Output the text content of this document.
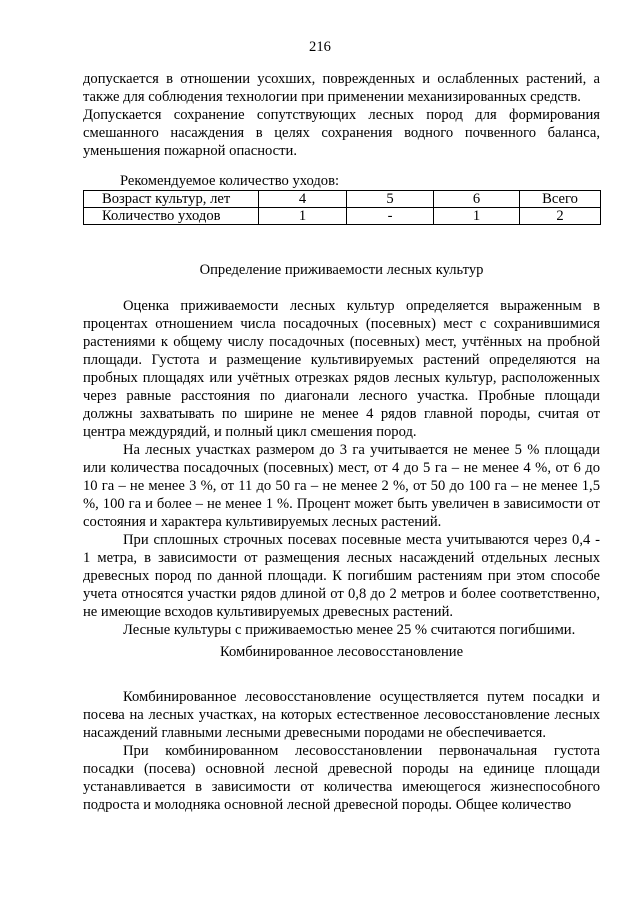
216

допускается в отношении усохших, поврежденных и ослабленных растений, а также для соблюдения технологии при применении механизированных средств.

Допускается сохранение сопутствующих лесных пород для формирования смешанного насаждения в целях сохранения водного почвенного баланса, уменьшения пожарной опасности.

Рекомендуемое количество уходов:
Возраст культур, лет	4	5	6	Всего
Количество уходов	1	-	1	2
Определение приживаемости лесных культур

Оценка приживаемости лесных культур определяется выраженным в процентах отношением числа посадочных (посевных) мест с сохранившимися растениями к общему числу посадочных (посевных) мест, учтённых на пробной площади. Густота и размещение культивируемых растений определяются на пробных площадях или учётных отрезках рядов лесных культур, расположенных через равные расстояния по диагонали лесного участка. Пробные площади должны захватывать по ширине не менее 4 рядов главной породы, считая от центра междурядий, и полный цикл смешения пород.

На лесных участках размером до 3 га учитывается не менее 5 % площади или количества посадочных (посевных) мест, от 4 до 5 га – не менее 4 %, от 6 до 10 га – не менее 3 %, от 11 до 50 га – не менее 2 %, от 50 до 100 га – не менее 1,5 %, 100 га и более – не менее 1 %. Процент может быть увеличен в зависимости от состояния и характера культивируемых лесных растений.

При сплошных строчных посевах посевные места учитываются через 0,4 - 1 метра, в зависимости от размещения лесных насаждений отдельных лесных древесных пород по данной площади. К погибшим растениям при этом способе учета относятся участки рядов длиной от 0,8 до 2 метров и более соответственно, не имеющие всходов культивируемых древесных растений.

Лесные культуры с приживаемостью менее 25 % считаются погибшими.

Комбинированное лесовосстановление

Комбинированное лесовосстановление осуществляется путем посадки и посева на лесных участках, на которых естественное лесовосстановление лесных насаждений главными лесными древесными породами не обеспечивается.

При комбинированном лесовосстановлении первоначальная густота посадки (посева) основной лесной древесной породы на единице площади устанавливается в зависимости от количества имеющегося жизнеспособного подроста и молодняка основной лесной древесной породы. Общее количество
